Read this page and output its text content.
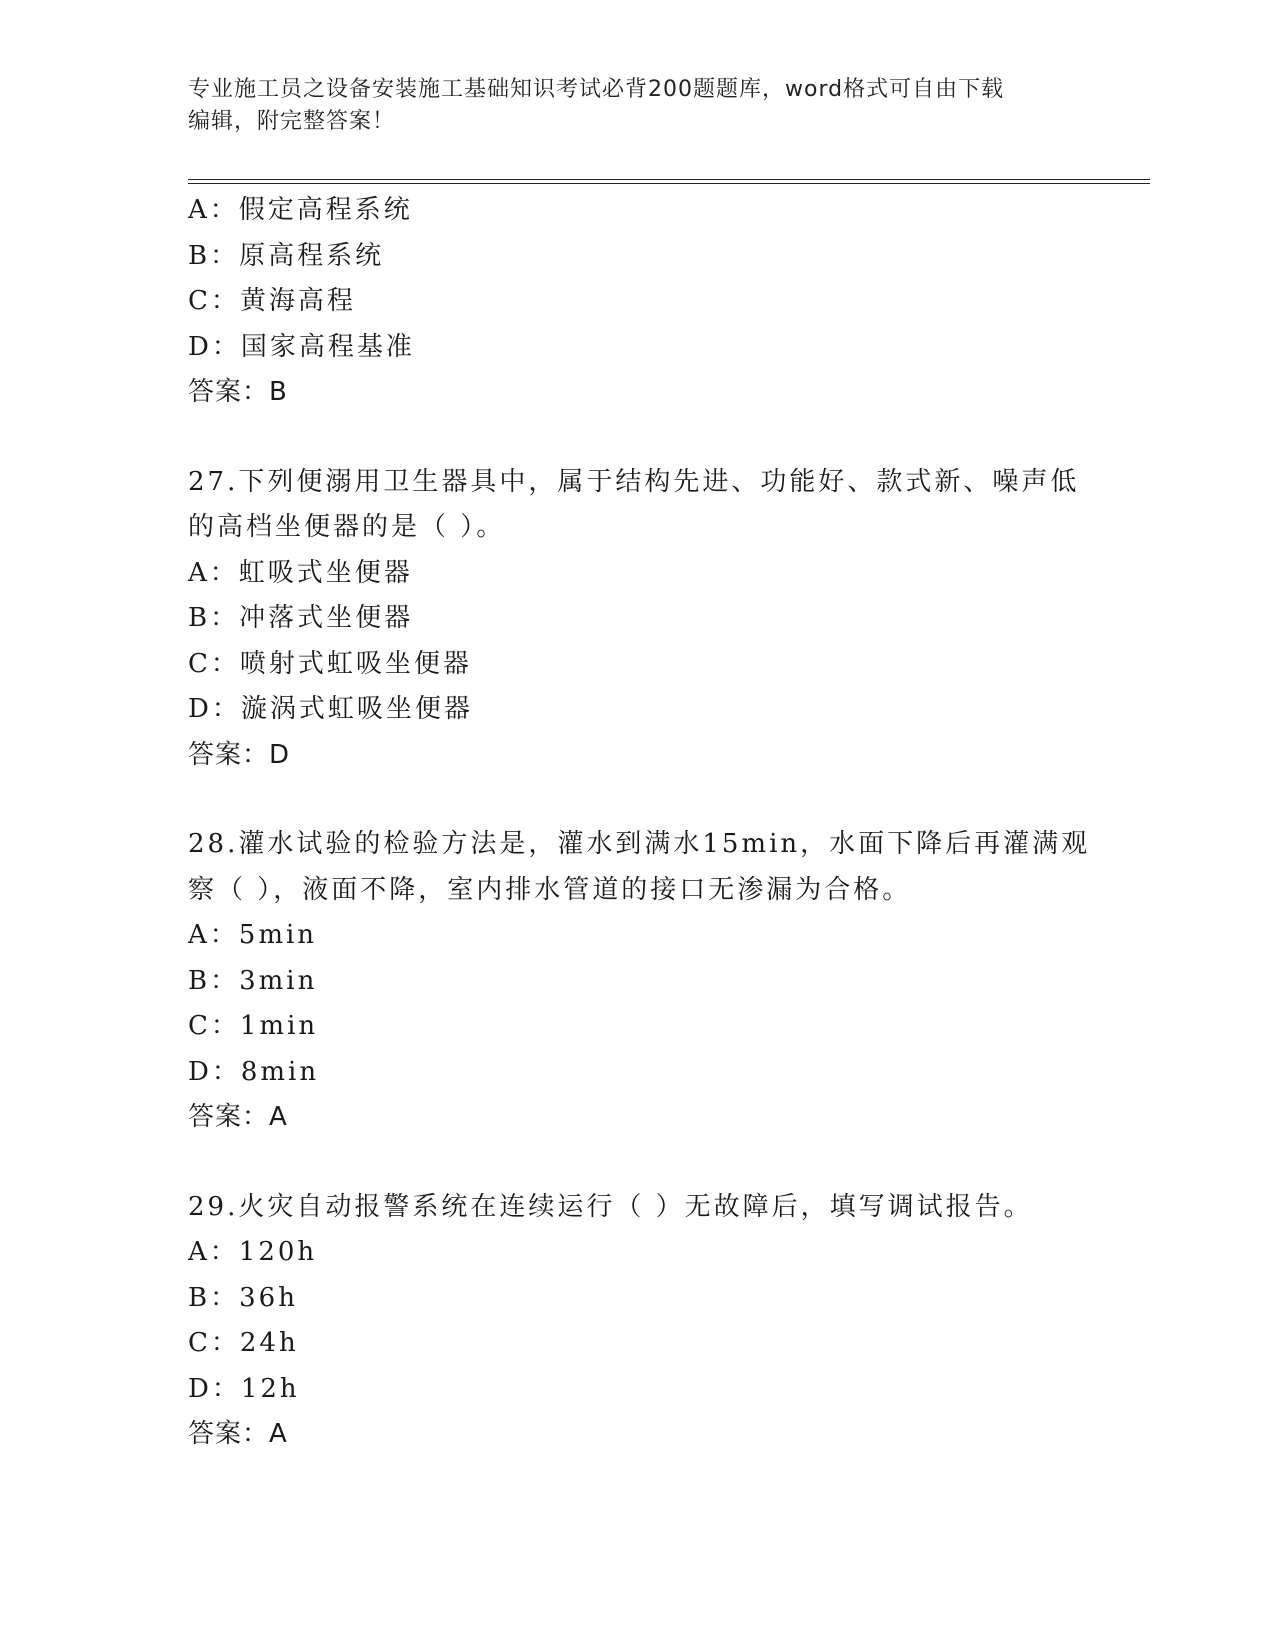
专业施工员之设备安装施工基础知识考试必背200题题库，word格式可自由下载
编辑，附完整答案！
A：假定高程系统
B：原高程系统
C：黄海高程
D：国家高程基准
答案：B
27.下列便溺用卫生器具中，属于结构先进、功能好、款式新、噪声低
的高档坐便器的是（ ）。
A：虹吸式坐便器
B：冲落式坐便器
C：喷射式虹吸坐便器
D：漩涡式虹吸坐便器
答案：D
28.灌水试验的检验方法是，灌水到满水15min，水面下降后再灌满观
察（ ），液面不降，室内排水管道的接口无渗漏为合格。
A：5min
B：3min
C：1min
D：8min
答案：A
29.火灾自动报警系统在连续运行（ ）无故障后，填写调试报告。
A：120h
B：36h
C：24h
D：12h
答案：A
